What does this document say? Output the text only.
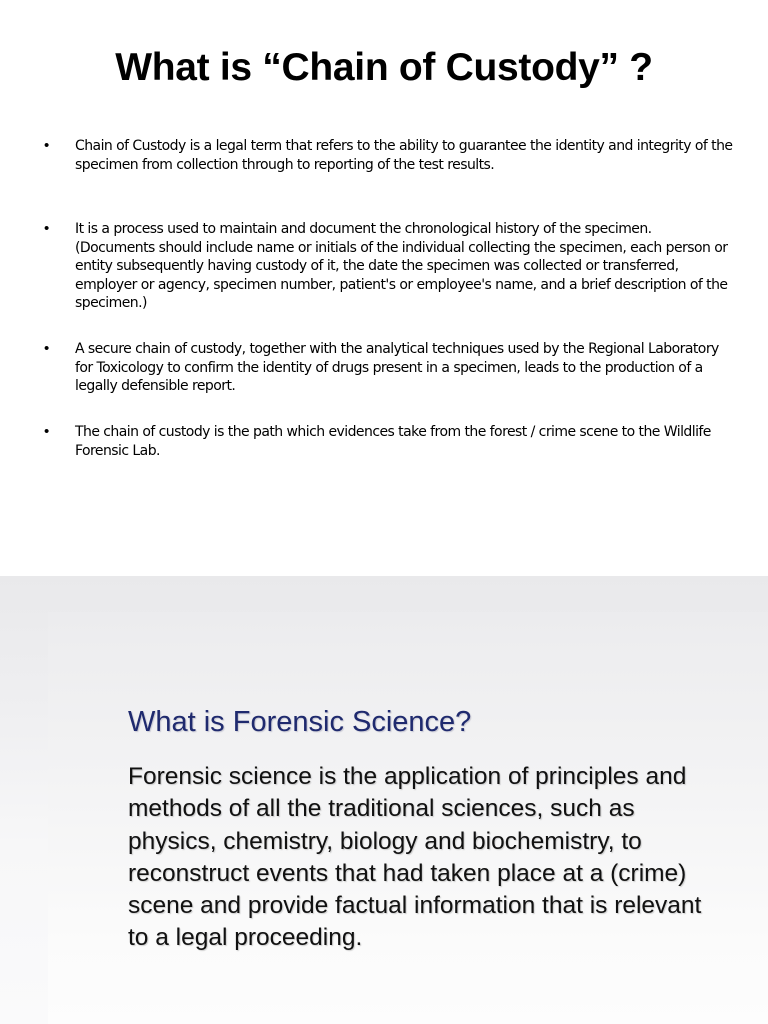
What is “Chain of Custody” ?
• Chain of Custody is a legal term that refers to the ability to guarantee the identity and integrity of the specimen from collection through to reporting of the test results.
• It is a process used to maintain and document the chronological history of the specimen. (Documents should include name or initials of the individual collecting the specimen, each person or entity subsequently having custody of it, the date the specimen was collected or transferred, employer or agency, specimen number, patient's or employee's name, and a brief description of the specimen.)
• A secure chain of custody, together with the analytical techniques used by the Regional Laboratory for Toxicology to confirm the identity of drugs present in a specimen, leads to the production of a legally defensible report.
• The chain of custody is the path which evidences take from the forest / crime scene to the Wildlife Forensic Lab.
What is Forensic Science?
Forensic science is the application of principles and methods of all the traditional sciences, such as physics, chemistry, biology and biochemistry, to reconstruct events that had taken place at a (crime) scene and provide factual information that is relevant to a legal proceeding.
